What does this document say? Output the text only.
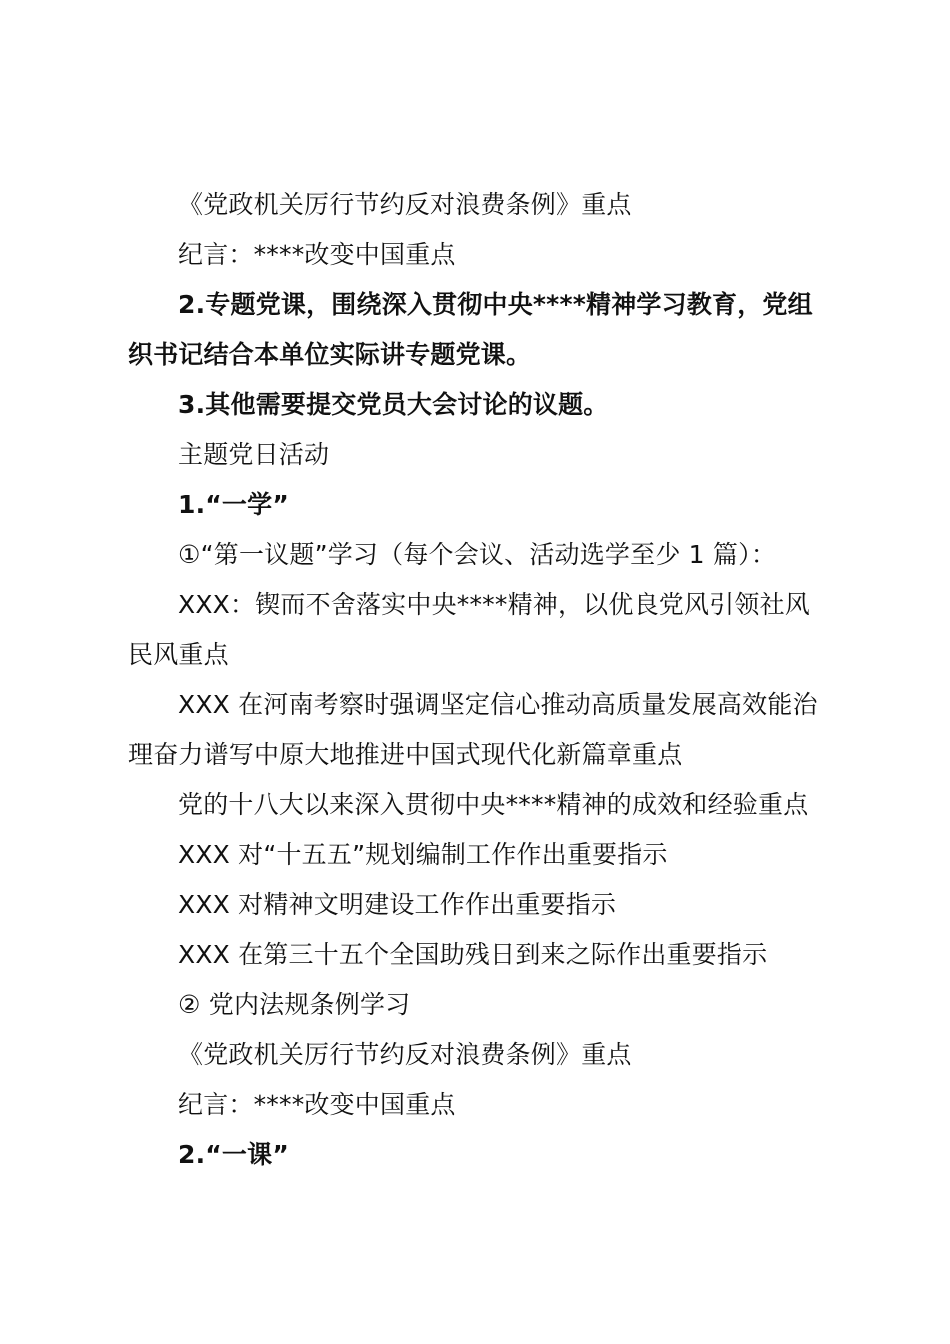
《党政机关厉行节约反对浪费条例》重点
纪言：****改变中国重点
2.专题党课，围绕深入贯彻中央****精神学习教育，党组
织书记结合本单位实际讲专题党课。
3.其他需要提交党员大会讨论的议题。
主题党日活动
1.“一学”
①“第一议题”学习（每个会议、活动选学至少 1 篇）：
XXX：锲而不舍落实中央****精神，以优良党风引领社风
民风重点
XXX 在河南考察时强调坚定信心推动高质量发展高效能治
理奋力谱写中原大地推进中国式现代化新篇章重点
党的十八大以来深入贯彻中央****精神的成效和经验重点
XXX 对“十五五”规划编制工作作出重要指示
XXX 对精神文明建设工作作出重要指示
XXX 在第三十五个全国助残日到来之际作出重要指示
② 党内法规条例学习
《党政机关厉行节约反对浪费条例》重点
纪言：****改变中国重点
2.“一课”
